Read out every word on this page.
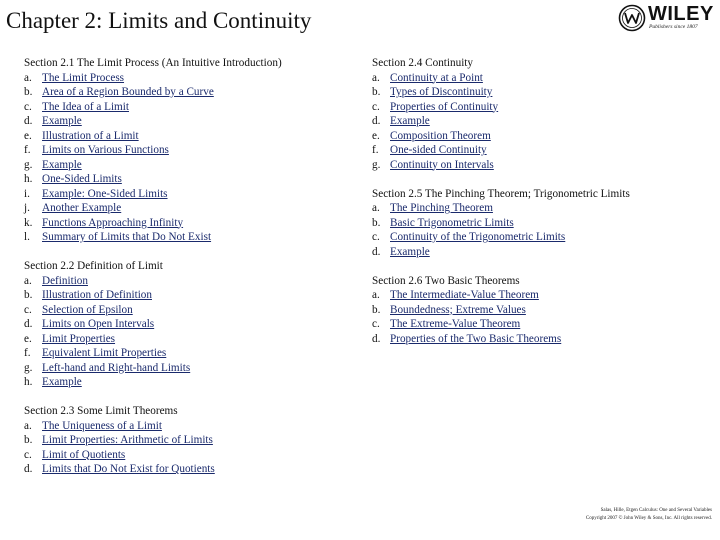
Chapter 2: Limits and Continuity	WILEY
Publishers since 1807
Section 2.1 The Limit Process (An Intuitive Introduction)
a. The Limit Process
b. Area of a Region Bounded by a Curve
c. The Idea of a Limit
d. Example
e. Illustration of a Limit
f. Limits on Various Functions
g. Example
h. One-Sided Limits
i. Example: One-Sided Limits
j. Another Example
k. Functions Approaching Infinity
l. Summary of Limits that Do Not Exist
Section 2.2 Definition of Limit
a. Definition
b. Illustration of Definition
c. Selection of Epsilon
d. Limits on Open Intervals
e. Limit Properties
f. Equivalent Limit Properties
g. Left-hand and Right-hand Limits
h. Example
Section 2.3 Some Limit Theorems
a. The Uniqueness of a Limit
b. Limit Properties: Arithmetic of Limits
c. Limit of Quotients
d. Limits that Do Not Exist for Quotients
Section 2.4 Continuity
a. Continuity at a Point
b. Types of Discontinuity
c. Properties of Continuity
d. Example
e. Composition Theorem
f. One-sided Continuity
g. Continuity on Intervals
Section 2.5 The Pinching Theorem; Trigonometric Limits
a. The Pinching Theorem
b. Basic Trigonometric Limits
c. Continuity of the Trigonometric Limits
d. Example
Section 2.6 Two Basic Theorems
a. The Intermediate-Value Theorem
b. Boundedness; Extreme Values
c. The Extreme-Value Theorem
d. Properties of the Two Basic Theorems
Salas, Hille, Etgen Calculus: One and Several Variables
Copyright 2007 © John Wiley & Sons, Inc. All rights reserved.
